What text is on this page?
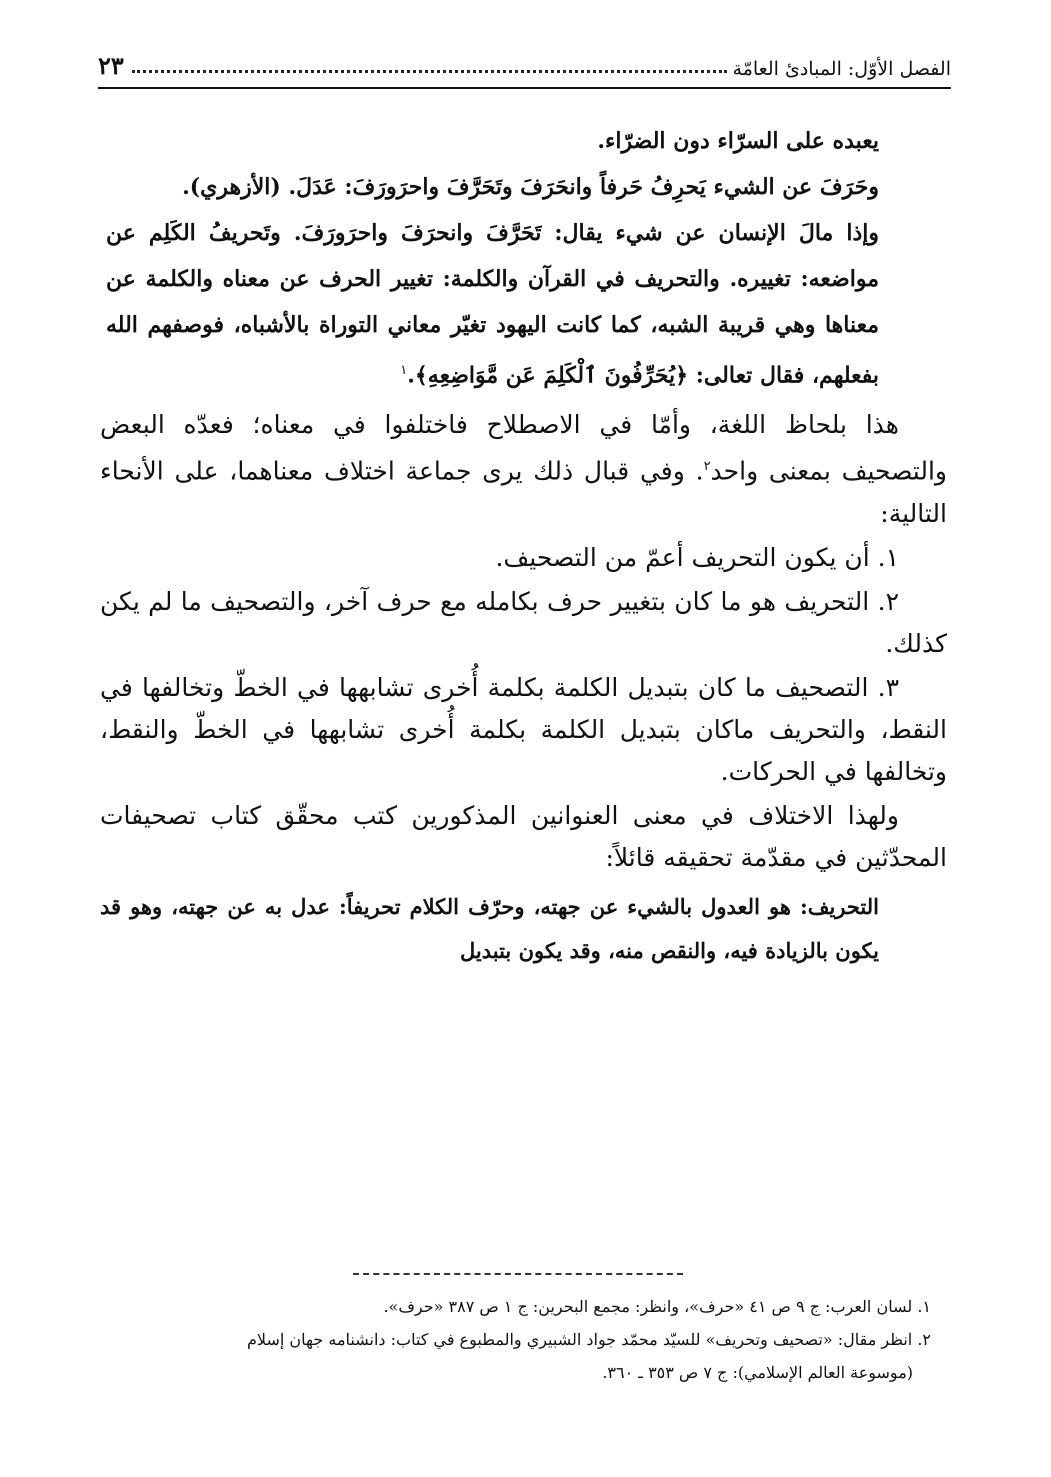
الفصل الأوّل: المبادئ العامّة
٢٣

يعبده على السرّاء دون الضرّاء.

وحَرَفَ عن الشيء يَحرِفُ حَرفاً وانحَرَفَ وتَحَرَّفَ واحرَورَفَ: عَدَلَ. (الأزهري).

وإذا مالَ الإنسان عن شيء يقال: تَحَرَّفَ وانحرَفَ واحرَورَفَ. وتَحريفُ الكَلِم عن مواضعه: تغييره. والتحريف في القرآن والكلمة: تغيير الحرف عن معناه والكلمة عن معناها وهي قريبة الشبه، كما كانت اليهود تغيّر معاني التوراة بالأشباه، فوصفهم الله بفعلهم، فقال تعالى: ﴿يُحَرِّفُونَ ٱلْكَلِمَ عَن مَّوَاضِعِهِ﴾.$^١$

هذا بلحاظ اللغة، وأمّا في الاصطلاح فاختلفوا في معناه؛ فعدّه البعض والتصحيف بمعنى واحد$^٢$. وفي قبال ذلك يرى جماعة اختلاف معناهما، على الأنحاء التالية:

١. أن يكون التحريف أعمّ من التصحيف.

٢. التحريف هو ما كان بتغيير حرف بكامله مع حرف آخر، والتصحيف ما لم يكن كذلك.

٣. التصحيف ما كان بتبديل الكلمة بكلمة أُخرى تشابهها في الخطّ وتخالفها في النقط، والتحريف ماكان بتبديل الكلمة بكلمة أُخرى تشابهها في الخطّ والنقط، وتخالفها في الحركات.

ولهذا الاختلاف في معنى العنوانين المذكورين كتب محقّق كتاب تصحيفات المحدّثين في مقدّمة تحقيقه قائلاً:

التحريف: هو العدول بالشيء عن جهته، وحرّف الكلام تحريفاً: عدل به عن جهته، وهو قد يكون بالزيادة فيه، والنقص منه، وقد يكون بتبديل

١. لسان العرب: ج ٩ ص ٤١ «حرف»، وانظر: مجمع البحرين: ج ١ ص ٣٨٧ «حرف».

٢. انظر مقال: «تصحيف وتحريف» للسيّد محمّد جواد الشبيري والمطبوع في كتاب: دانشنامه جهان إسلام

(موسوعة العالم الإسلامي): ج ٧ ص ٣٥٣ ـ ٣٦٠.
